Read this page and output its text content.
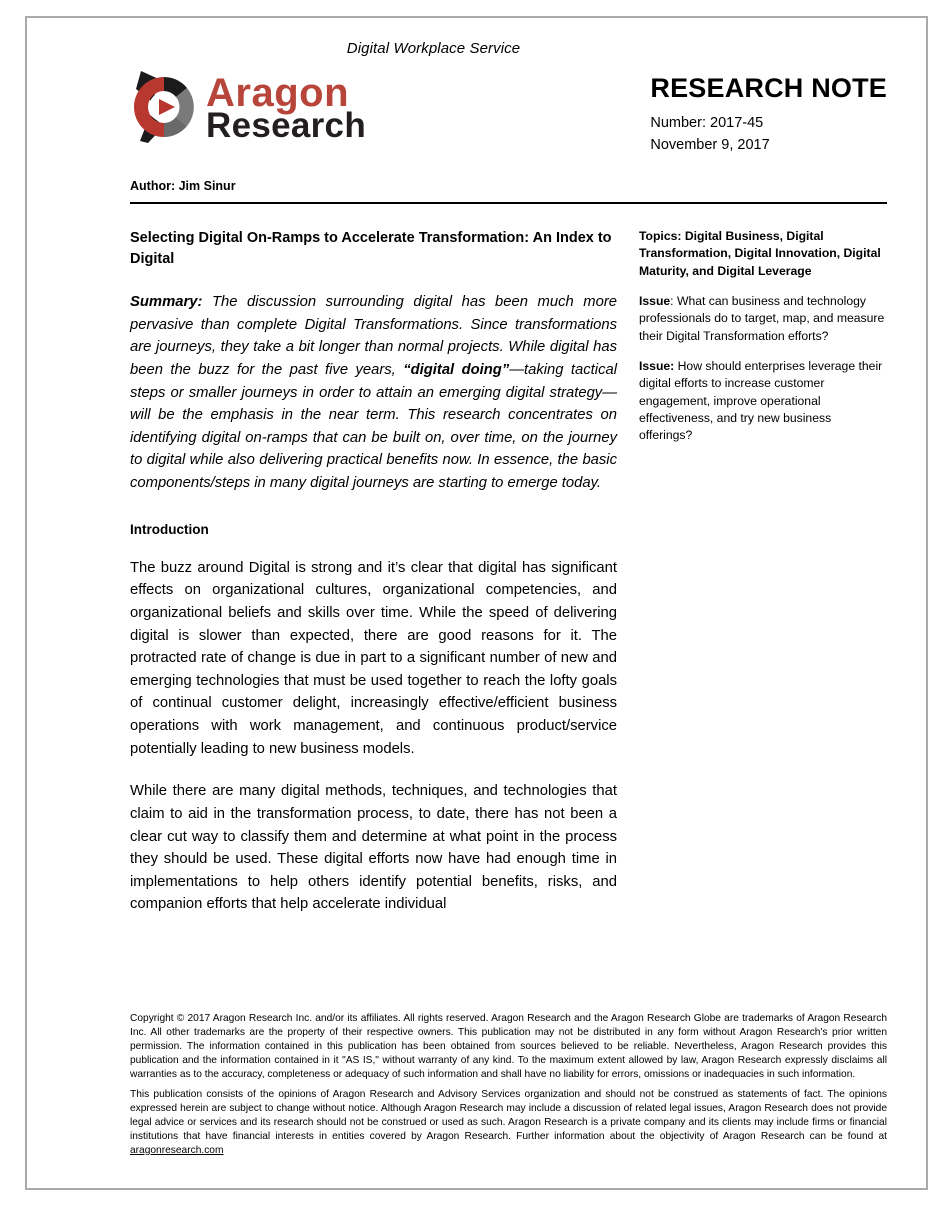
Digital Workplace Service
Aragon
Research
RESEARCH NOTE
Number: 2017-45
November 9, 2017
Author: Jim Sinur
Selecting Digital On-Ramps to Accelerate Transformation: An Index to Digital

Summary: The discussion surrounding digital has been much more pervasive than complete Digital Transformations. Since transformations are journeys, they take a bit longer than normal projects. While digital has been the buzz for the past five years, “digital doing”—taking tactical steps or smaller journeys in order to attain an emerging digital strategy—will be the emphasis in the near term. This research concentrates on identifying digital on-ramps that can be built on, over time, on the journey to digital while also delivering practical benefits now. In essence, the basic components/steps in many digital journeys are starting to emerge today.

Introduction

The buzz around Digital is strong and it’s clear that digital has significant effects on organizational cultures, organizational competencies, and organizational beliefs and skills over time. While the speed of delivering digital is slower than expected, there are good reasons for it. The protracted rate of change is due in part to a significant number of new and emerging technologies that must be used together to reach the lofty goals of continual customer delight, increasingly effective/efficient business operations with work management, and continuous product/service potentially leading to new business models.

While there are many digital methods, techniques, and technologies that claim to aid in the transformation process, to date, there has not been a clear cut way to classify them and determine at what point in the process they should be used. These digital efforts now have had enough time in implementations to help others identify potential benefits, risks, and companion efforts that help accelerate individual

Topics: Digital Business, Digital Transformation, Digital Innovation, Digital Maturity, and Digital Leverage

Issue: What can business and technology professionals do to target, map, and measure their Digital Transformation efforts?

Issue: How should enterprises leverage their digital efforts to increase customer engagement, improve operational effectiveness, and try new business offerings?

Copyright © 2017 Aragon Research Inc. and/or its affiliates. All rights reserved. Aragon Research and the Aragon Research Globe are trademarks of Aragon Research Inc. All other trademarks are the property of their respective owners. This publication may not be distributed in any form without Aragon Research's prior written permission. The information contained in this publication has been obtained from sources believed to be reliable. Nevertheless, Aragon Research provides this publication and the information contained in it "AS IS," without warranty of any kind. To the maximum extent allowed by law, Aragon Research expressly disclaims all warranties as to the accuracy, completeness or adequacy of such information and shall have no liability for errors, omissions or inadequacies in such information.

This publication consists of the opinions of Aragon Research and Advisory Services organization and should not be construed as statements of fact. The opinions expressed herein are subject to change without notice. Although Aragon Research may include a discussion of related legal issues, Aragon Research does not provide legal advice or services and its research should not be construed or used as such. Aragon Research is a private company and its clients may include firms or financial institutions that have financial interests in entities covered by Aragon Research. Further information about the objectivity of Aragon Research can be found at aragonresearch.com
